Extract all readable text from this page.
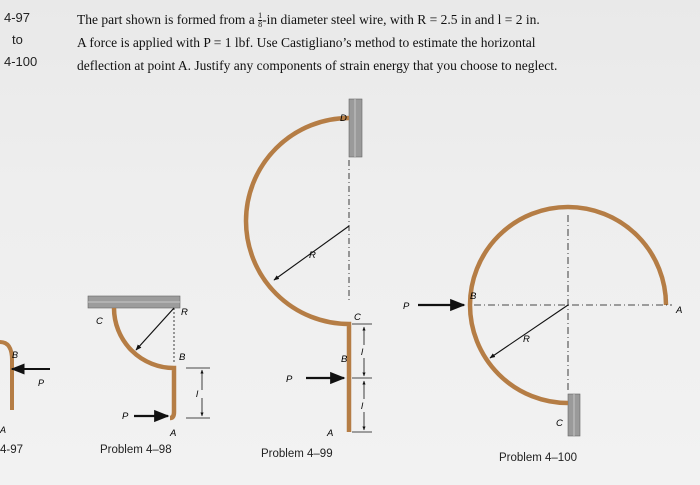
4-97
to
4-100
The part shown is formed from a $\frac{1}{8} -in$ diameter steel wire, with R = 2.5 in and l = 2 in.
A force is applied with P = 1 lbf. Use Castigliano’s method to estimate the horizontal
deflection at point A. Justify any components of strain energy that you choose to neglect.
B
P
A
C
R
B
P
l
A
D
R
C
B
P
l
l
A
B
P
R
A
C
4-97	Problem 4–98	Problem 4–99	Problem 4–100
